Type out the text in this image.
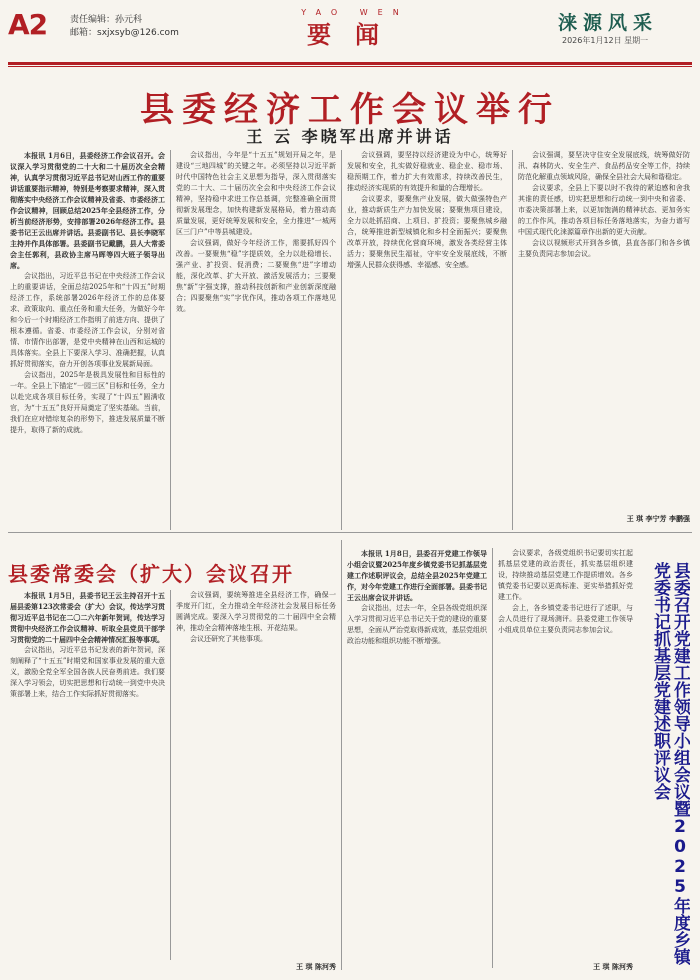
A2	责任编辑：孙元科
邮箱：sxjxsyb@126.com
YAO WEN
要闻	涞源风采
2026年1月12日 星期一
县委经济工作会议举行
王 云 李晓军出席并讲话

本报讯 1月6日，县委经济工作会议召开。会议深入学习贯彻党的二十大和二十届历次全会精神，认真学习贯彻习近平总书记对山西工作的重要讲话重要指示精神，特别是考察要求精神，深入贯彻落实中央经济工作会议精神及省委、市委经济工作会议精神，回顾总结2025年全县经济工作，分析当前经济形势，安排部署2026年经济工作。县委书记王云出席并讲话。县委副书记、县长李晓军主持并作具体部署。县委副书记戴鹏，县人大常委会主任郭利，县政协主席马晖等四大班子领导出席。

会议指出，习近平总书记在中央经济工作会议上的重要讲话，全面总结2025年和“十四五”时期经济工作，系统部署2026年经济工作的总体要求、政策取向、重点任务和重大任务，为做好今年和今后一个时期经济工作指明了前进方向、提供了根本遵循。省委、市委经济工作会议，分别对省情、市情作出部署，是党中央精神在山西和运城的具体落实。全县上下要深入学习、准确把握，认真抓好贯彻落实，奋力开创各项事业发展新局面。

会议指出，2025年是极具发展性和目标性的一年。全县上下锚定“一园三区”目标和任务，全力以赴完成各项目标任务，实现了“十四五”圆满收官，为“十五五”良好开局奠定了坚实基础。当前，我们在应对错综复杂的形势下，推进发展质量不断提升，取得了新的成就。

会议指出，今年是“十五五”规划开局之年，是建设“三地四城”的关键之年。必须坚持以习近平新时代中国特色社会主义思想为指导，深入贯彻落实党的二十大、二十届历次全会和中央经济工作会议精神，坚持稳中求进工作总基调，完整准确全面贯彻新发展理念，加快构建新发展格局，着力推动高质量发展，更好统筹发展和安全，全力推进“一城两区三门户”中等县城建设。

会议强调，做好今年经济工作，需要抓好四个改善。一要聚焦“稳”字提质效，全力以赴稳增长、强产业、扩投资、促消费；二要聚焦“进”字增动能，深化改革、扩大开放、激活发展活力；三要聚焦“新”字强支撑，推动科技创新和产业创新深度融合；四要聚焦“实”字优作风，推动各项工作落地见效。

会议强调，要坚持以经济建设为中心，统筹好发展和安全，扎实做好稳就业、稳企业、稳市场、稳预期工作，着力扩大有效需求，持续改善民生，推动经济实现质的有效提升和量的合理增长。

会议要求，要聚焦产业发展，做大做强特色产业，推动新质生产力加快发展；要聚焦项目建设，全力以赴抓招商、上项目、扩投资；要聚焦城乡融合，统筹推进新型城镇化和乡村全面振兴；要聚焦改革开放，持续优化营商环境，激发各类经营主体活力；要聚焦民生福祉，守牢安全发展底线，不断增强人民群众获得感、幸福感、安全感。

会议强调，要坚决守住安全发展底线，统筹做好防汛、森林防火、安全生产、食品药品安全等工作，持续防范化解重点领域风险，确保全县社会大局和谐稳定。

会议要求，全县上下要以时不我待的紧迫感和舍我其谁的责任感，切实把思想和行动统一到中央和省委、市委决策部署上来，以更加饱满的精神状态、更加务实的工作作风，推动各项目标任务落地落实，为奋力谱写中国式现代化涞源篇章作出新的更大贡献。

会议以视频形式开到各乡镇，县直各部门和各乡镇主要负责同志参加会议。

王 琪 李宁芳 李鹏强
县委常委会（扩大）会议召开

本报讯 1月5日，县委书记王云主持召开十五届县委第123次常委会（扩大）会议，传达学习贯彻习近平总书记在二〇二六年新年贺词，传达学习贯彻中央经济工作会议精神、听取全县党员干部学习贯彻党的二十届四中全会精神情况汇报等事项。

会议指出，习近平总书记发表的新年贺词，深刻阐释了“十五五”时期党和国家事业发展的重大意义，激励全党全军全国各族人民奋勇前进。我们要深入学习领会，切实把思想和行动统一到党中央决策部署上来，结合工作实际抓好贯彻落实。

会议强调，要统筹推进全县经济工作，确保一季度开门红，全力推动全年经济社会发展目标任务圆满完成。要深入学习贯彻党的二十届四中全会精神，推动全会精神落地生根、开花结果。

会议还研究了其他事项。

王 琪 陈河秀

本报讯 1月8日，县委召开党建工作领导小组会议暨2025年度乡镇党委书记抓基层党建工作述职评议会，总结全县2025年党建工作，对今年党建工作进行全面部署。县委书记王云出席会议并讲话。

会议指出，过去一年，全县各级党组织深入学习贯彻习近平总书记关于党的建设的重要思想，全面从严治党取得新成效，基层党组织政治功能和组织功能不断增强。

会议要求，各级党组织书记要切实扛起抓基层党建的政治责任，抓实基层组织建设，持续推动基层党建工作提质增效。各乡镇党委书记要以更高标准、更实举措抓好党建工作。

会上，各乡镇党委书记进行了述职，与会人员进行了现场测评。县委党建工作领导小组成员单位主要负责同志参加会议。

王 琪 陈河秀
县委召开党建工作领导小组会议暨2025年度乡镇党委书记抓基层党建述职评议会
